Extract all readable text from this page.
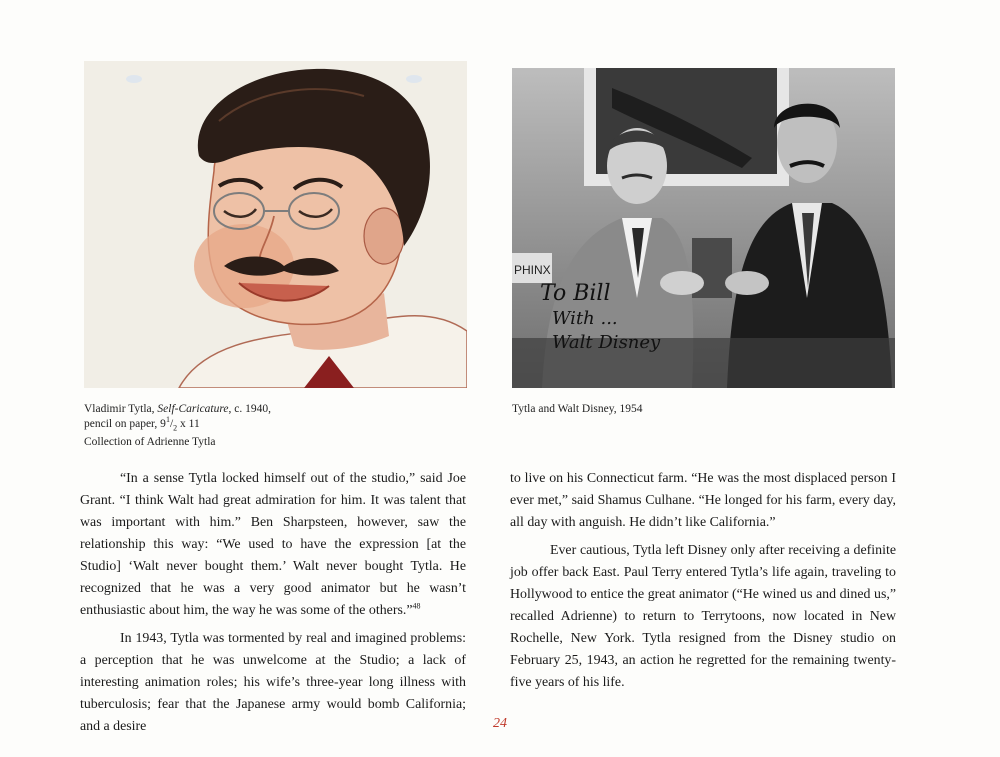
PHINX
To Bill
With ...
Walt Disney
Vladimir Tytla, Self-Caricature, c. 1940,
pencil on paper, $9^1/_2$ x 11
Collection of Adrienne Tytla
Tytla and Walt Disney, 1954

“In a sense Tytla locked himself out of the studio,” said Joe Grant. “I think Walt had great admiration for him. It was talent that was important with him.” Ben Sharpsteen, however, saw the relationship this way: “We used to have the expression [at the Studio] ‘Walt never bought them.’ Walt never bought Tytla. He recognized that he was a very good animator but he wasn’t enthusiastic about him, the way he was some of the others.”$^{48}$

In 1943, Tytla was tormented by real and imagined problems: a perception that he was unwelcome at the Studio; a lack of interesting animation roles; his wife’s three-year long illness with tuberculosis; fear that the Japanese army would bomb California; and a desire

to live on his Connecticut farm. “He was the most displaced person I ever met,” said Shamus Culhane. “He longed for his farm, every day, all day with anguish. He didn’t like California.”

Ever cautious, Tytla left Disney only after receiving a definite job offer back East. Paul Terry entered Tytla’s life again, traveling to Hollywood to entice the great animator (“He wined us and dined us,” recalled Adrienne) to return to Terrytoons, now located in New Rochelle, New York. Tytla resigned from the Disney studio on February 25, 1943, an action he regretted for the remaining twenty-five years of his life.

24
